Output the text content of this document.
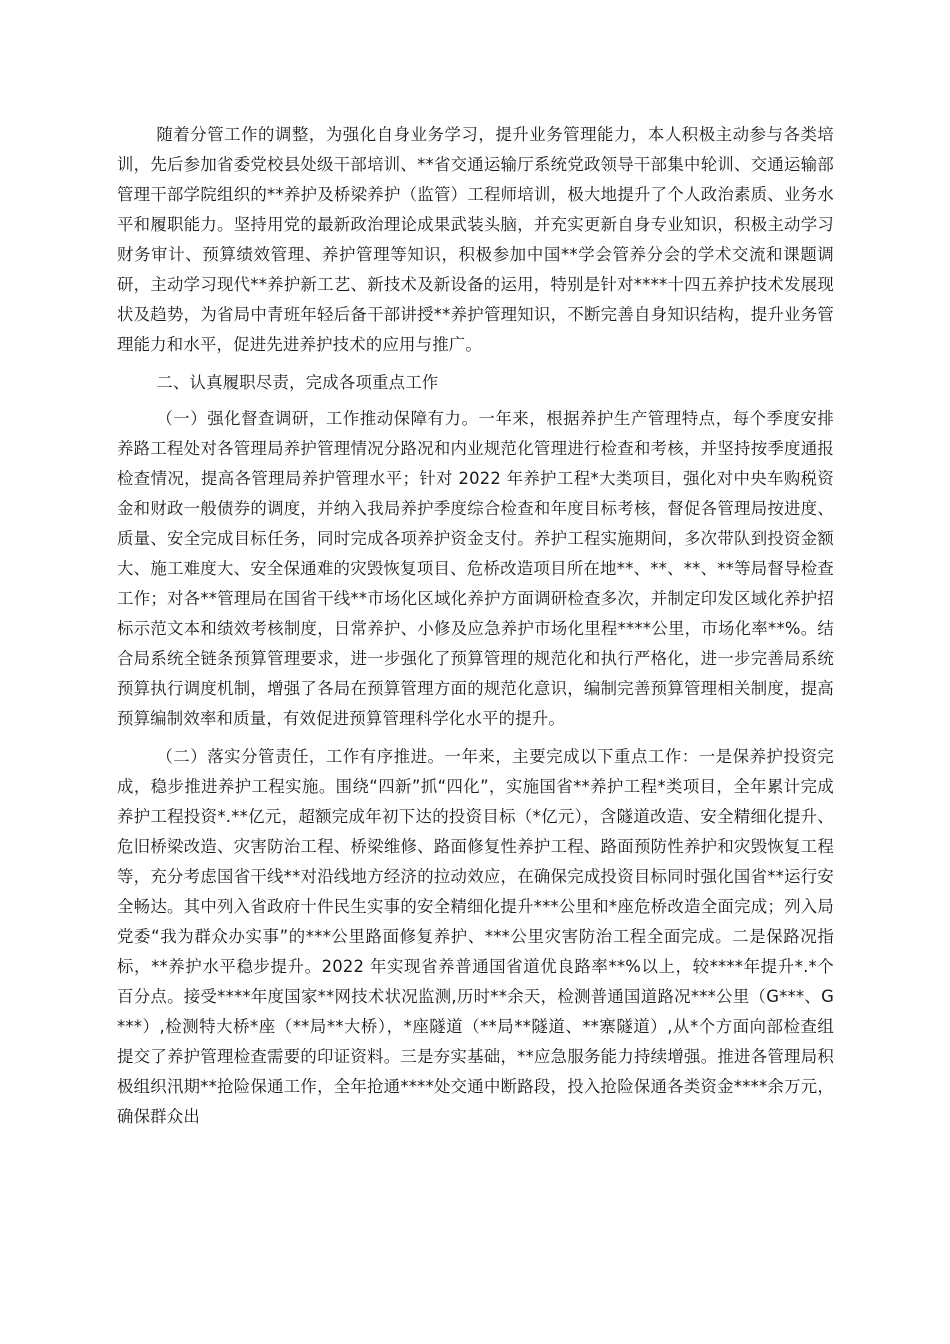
随着分管工作的调整，为强化自身业务学习，提升业务管理能力，本人积极主动参与各类培训，先后参加省委党校县处级干部培训、**省交通运输厅系统党政领导干部集中轮训、交通运输部管理干部学院组织的**养护及桥梁养护（监管）工程师培训，极大地提升了个人政治素质、业务水平和履职能力。坚持用党的最新政治理论成果武装头脑，并充实更新自身专业知识，积极主动学习财务审计、预算绩效管理、养护管理等知识，积极参加中国**学会管养分会的学术交流和课题调研，主动学习现代**养护新工艺、新技术及新设备的运用，特别是针对****十四五养护技术发展现状及趋势，为省局中青班年轻后备干部讲授**养护管理知识，不断完善自身知识结构，提升业务管理能力和水平，促进先进养护技术的应用与推广。

二、认真履职尽责，完成各项重点工作

（一）强化督查调研，工作推动保障有力。一年来，根据养护生产管理特点，每个季度安排养路工程处对各管理局养护管理情况分路况和内业规范化管理进行检查和考核，并坚持按季度通报检查情况，提高各管理局养护管理水平；针对 2022 年养护工程*大类项目，强化对中央车购税资金和财政一般债券的调度，并纳入我局养护季度综合检查和年度目标考核，督促各管理局按进度、质量、安全完成目标任务，同时完成各项养护资金支付。养护工程实施期间，多次带队到投资金额大、施工难度大、安全保通难的灾毁恢复项目、危桥改造项目所在地**、**、**、**等局督导检查工作；对各**管理局在国省干线**市场化区域化养护方面调研检查多次，并制定印发区域化养护招标示范文本和绩效考核制度，日常养护、小修及应急养护市场化里程****公里，市场化率**%。结合局系统全链条预算管理要求，进一步强化了预算管理的规范化和执行严格化，进一步完善局系统预算执行调度机制，增强了各局在预算管理方面的规范化意识，编制完善预算管理相关制度，提高预算编制效率和质量，有效促进预算管理科学化水平的提升。

（二）落实分管责任，工作有序推进。一年来，主要完成以下重点工作：一是保养护投资完成，稳步推进养护工程实施。围绕“四新”抓“四化”，实施国省**养护工程*类项目，全年累计完成养护工程投资*.**亿元，超额完成年初下达的投资目标（*亿元），含隧道改造、安全精细化提升、危旧桥梁改造、灾害防治工程、桥梁维修、路面修复性养护工程、路面预防性养护和灾毁恢复工程等，充分考虑国省干线**对沿线地方经济的拉动效应，在确保完成投资目标同时强化国省**运行安全畅达。其中列入省政府十件民生实事的安全精细化提升***公里和*座危桥改造全面完成；列入局党委“我为群众办实事”的***公里路面修复养护、***公里灾害防治工程全面完成。二是保路况指标，**养护水平稳步提升。2022 年实现省养普通国省道优良路率**%以上，较****年提升*.*个百分点。接受****年度国家**网技术状况监测,历时**余天，检测普通国道路况***公里（G***、G***）,检测特大桥*座（**局**大桥），*座隧道（**局**隧道、**寨隧道）,从*个方面向部检查组提交了养护管理检查需要的印证资料。三是夯实基础，**应急服务能力持续增强。推进各管理局积极组织汛期**抢险保通工作，全年抢通****处交通中断路段，投入抢险保通各类资金****余万元，确保群众出
